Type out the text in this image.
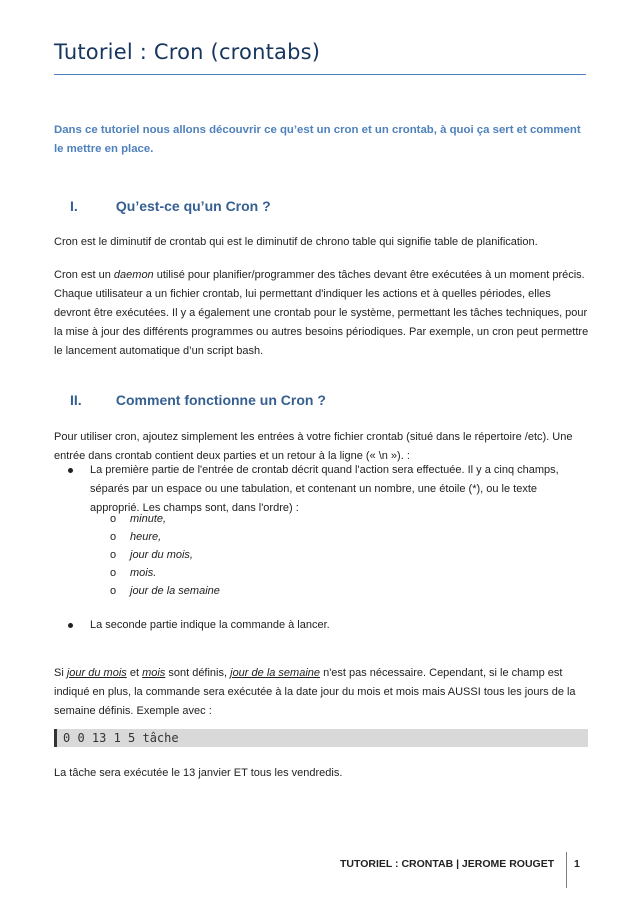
Tutoriel : Cron (crontabs)
Dans ce tutoriel nous allons découvrir ce qu’est un cron et un crontab, à quoi ça sert et comment le mettre en place.
I.	Qu’est-ce qu’un Cron ?
Cron est le diminutif de crontab qui est le diminutif de chrono table qui signifie table de planification.
Cron est un daemon utilisé pour planifier/programmer des tâches devant être exécutées à un moment précis. Chaque utilisateur a un fichier crontab, lui permettant d'indiquer les actions et à quelles périodes, elles devront être exécutées. Il y a également une crontab pour le système, permettant les tâches techniques, pour la mise à jour des différents programmes ou autres besoins périodiques. Par exemple, un cron peut permettre le lancement automatique d’un script bash.
II. Comment fonctionne un Cron ?
Pour utiliser cron, ajoutez simplement les entrées à votre fichier crontab (situé dans le répertoire /etc). Une entrée dans crontab contient deux parties et un retour à la ligne (« \n »). :
La première partie de l'entrée de crontab décrit quand l'action sera effectuée. Il y a cinq champs, séparés par un espace ou une tabulation, et contenant un nombre, une étoile (*), ou le texte approprié. Les champs sont, dans l'ordre) :
o minute,
o heure,
o jour du mois,
o mois.
o jour de la semaine
La seconde partie indique la commande à lancer.
Si jour du mois et mois sont définis, jour de la semaine n'est pas nécessaire. Cependant, si le champ est indiqué en plus, la commande sera exécutée à la date jour du mois et mois mais AUSSI tous les jours de la semaine définis. Exemple avec :
0 0 13 1 5 tâche
La tâche sera exécutée le 13 janvier ET tous les vendredis.
TUTORIEL : CRONTAB | JEROME ROUGET 1
